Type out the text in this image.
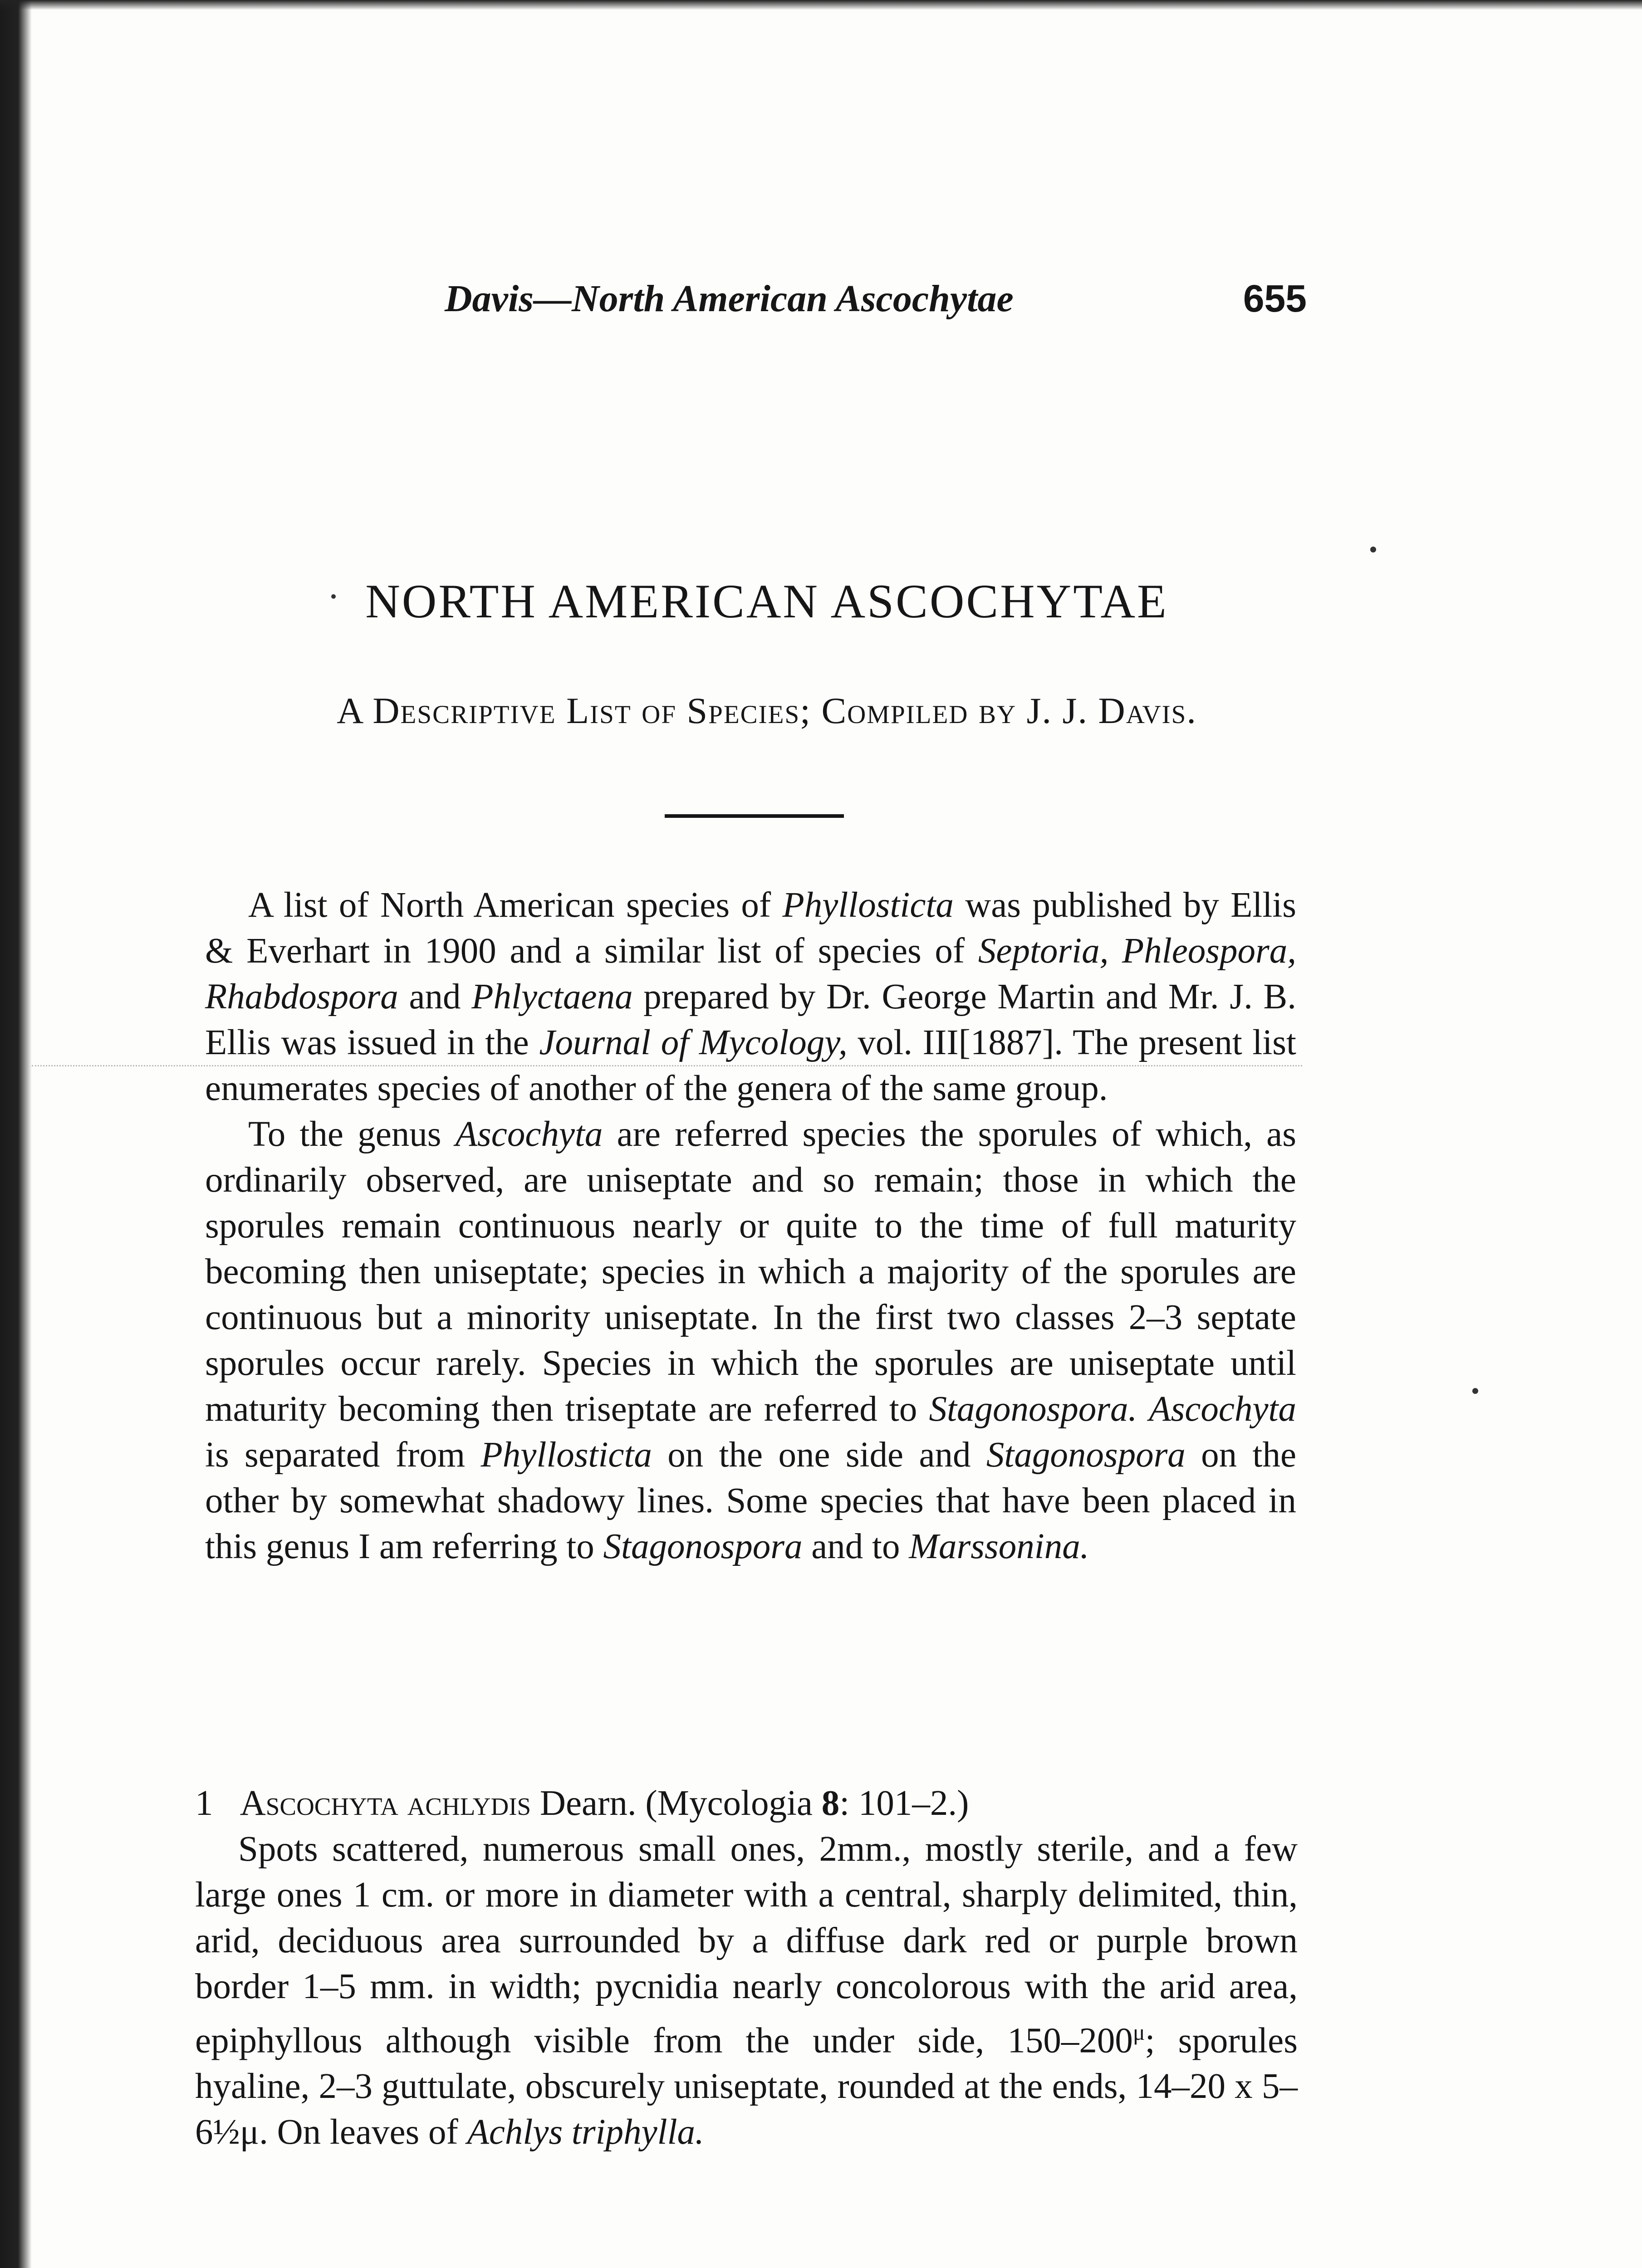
Davis—North American Ascochytae	655
NORTH AMERICAN ASCOCHYTAE
A Descriptive List of Species; Compiled by J. J. Davis.

A list of North American species of Phyllosticta was published by Ellis & Everhart in 1900 and a similar list of species of Septoria, Phleospora, Rhabdospora and Phlyctaena prepared by Dr. George Martin and Mr. J. B. Ellis was issued in the Journal of Mycology, vol. III[1887]. The present list enumerates species of another of the genera of the same group.

To the genus Ascochyta are referred species the sporules of which, as ordinarily observed, are uniseptate and so remain; those in which the sporules remain continuous nearly or quite to the time of full maturity becoming then uniseptate; species in which a majority of the sporules are continuous but a minority uniseptate. In the first two classes 2–3 septate sporules occur rarely. Species in which the sporules are uniseptate until maturity becoming then triseptate are referred to Stagonospora. Ascochyta is separated from Phyllosticta on the one side and Stagonospora on the other by somewhat shadowy lines. Some species that have been placed in this genus I am referring to Stagonospora and to Marssonina.

1 Ascochyta achlydis Dearn. (Mycologia 8: 101–2.)

Spots scattered, numerous small ones, 2mm., mostly sterile, and a few large ones 1 cm. or more in diameter with a central, sharply delimited, thin, arid, deciduous area surrounded by a diffuse dark red or purple brown border 1–5 mm. in width; pycnidia nearly concolorous with the arid area, epiphyllous although visible from the under side, $150-200^\mu$; sporules hyaline, 2–3 guttulate, obscurely uniseptate, rounded at the ends, 14–20 x 5–6½μ. On leaves of Achlys triphylla.
